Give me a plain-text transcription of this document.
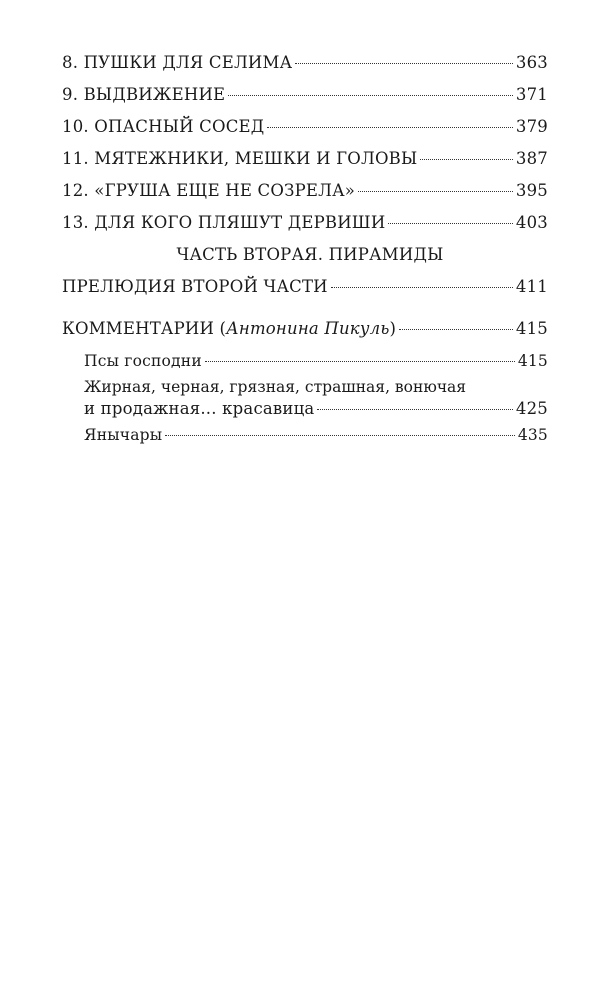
8. ПУШКИ ДЛЯ СЕЛИМА	363
9. ВЫДВИЖЕНИЕ	371
10. ОПАСНЫЙ СОСЕД	379
11. МЯТЕЖНИКИ, МЕШКИ И ГОЛОВЫ	387
12. «ГРУША ЕЩЕ НЕ СОЗРЕЛА»	395
13. ДЛЯ КОГО ПЛЯШУТ ДЕРВИШИ	403
ЧАСТЬ ВТОРАЯ. ПИРАМИДЫ
ПРЕЛЮДИЯ ВТОРОЙ ЧАСТИ	411
КОММЕНТАРИИ (Антонина Пикуль)	415
Псы господни	415
Жирная, черная, грязная, страшная, вонючая
и продажная... красавица	425
Янычары	435
